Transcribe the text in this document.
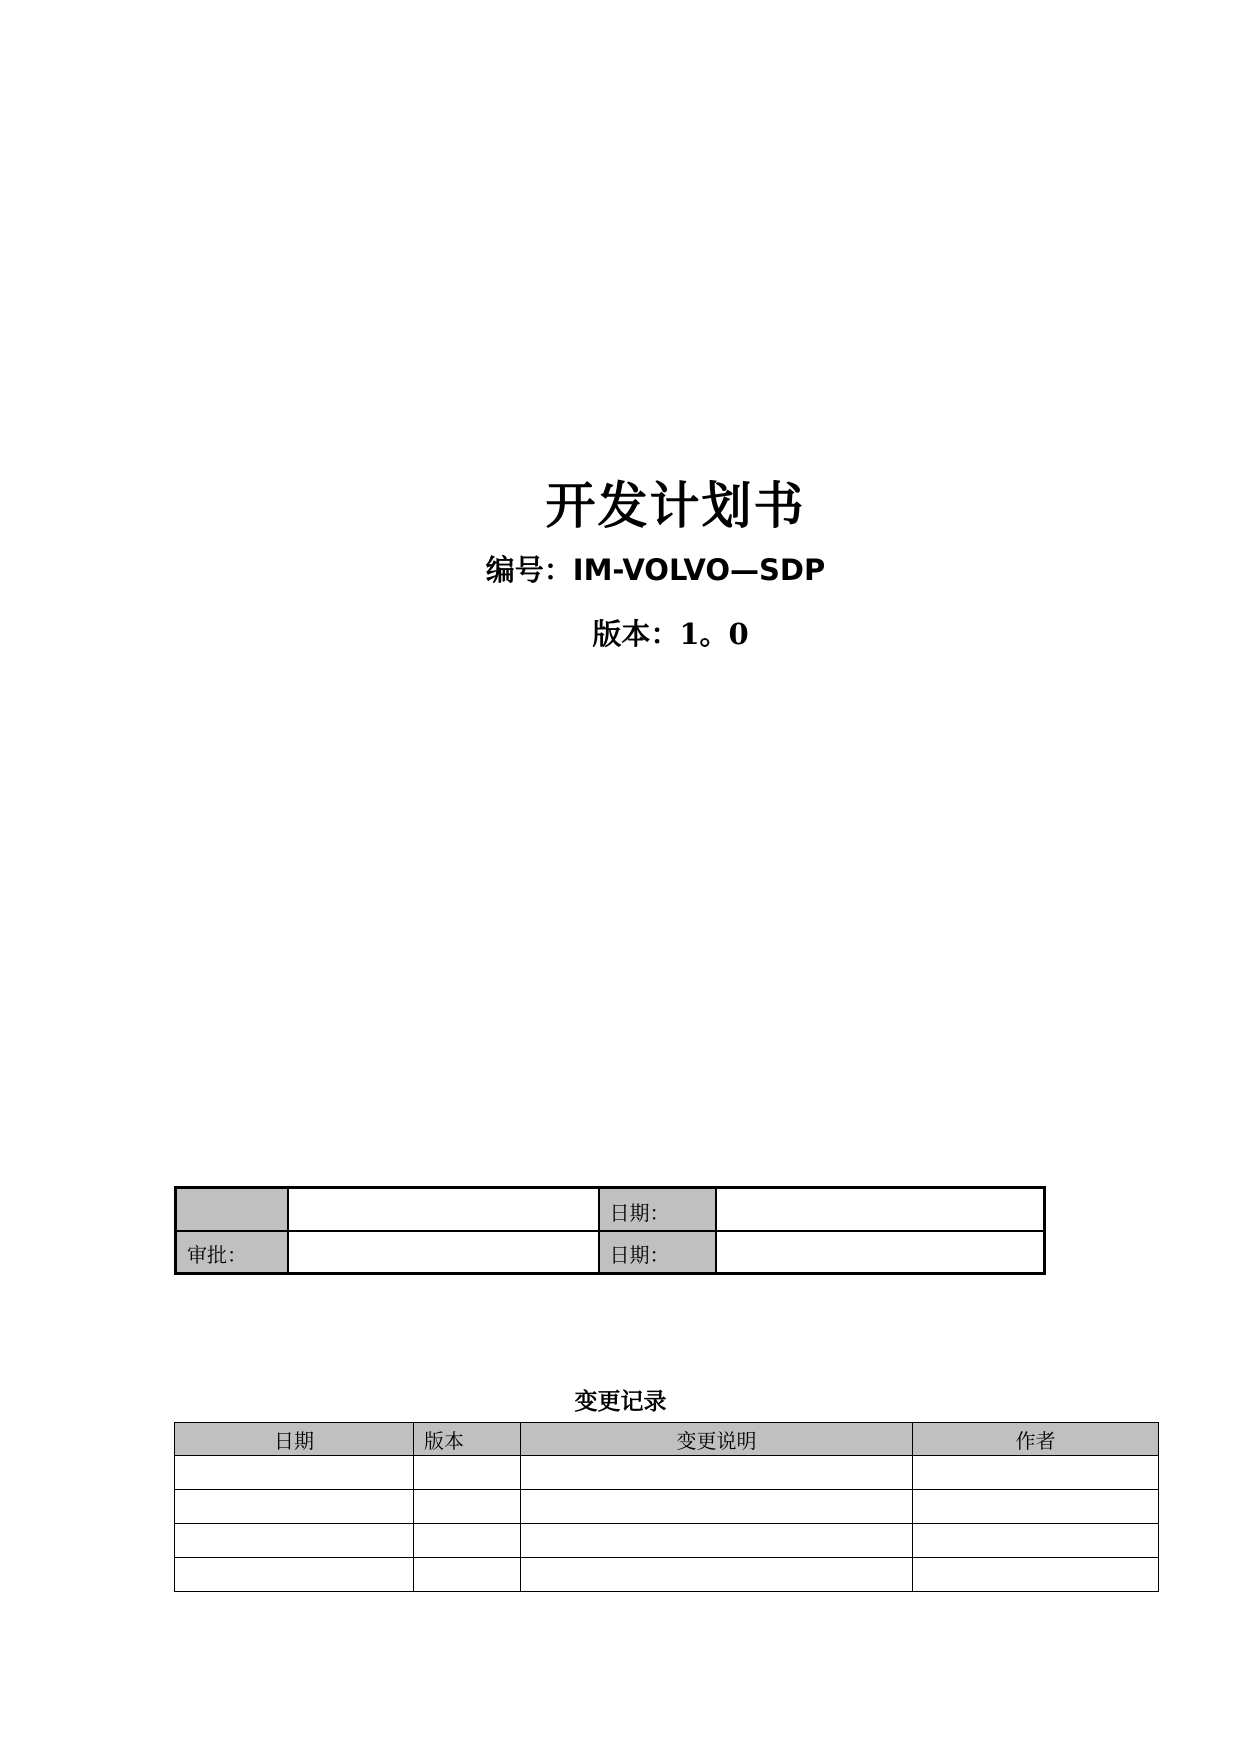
开发计划书
编号：IM-VOLVO—SDP
版本：1。0
		日期：	
审批：		日期：	
变更记录
日期	版本	变更说明	作者
